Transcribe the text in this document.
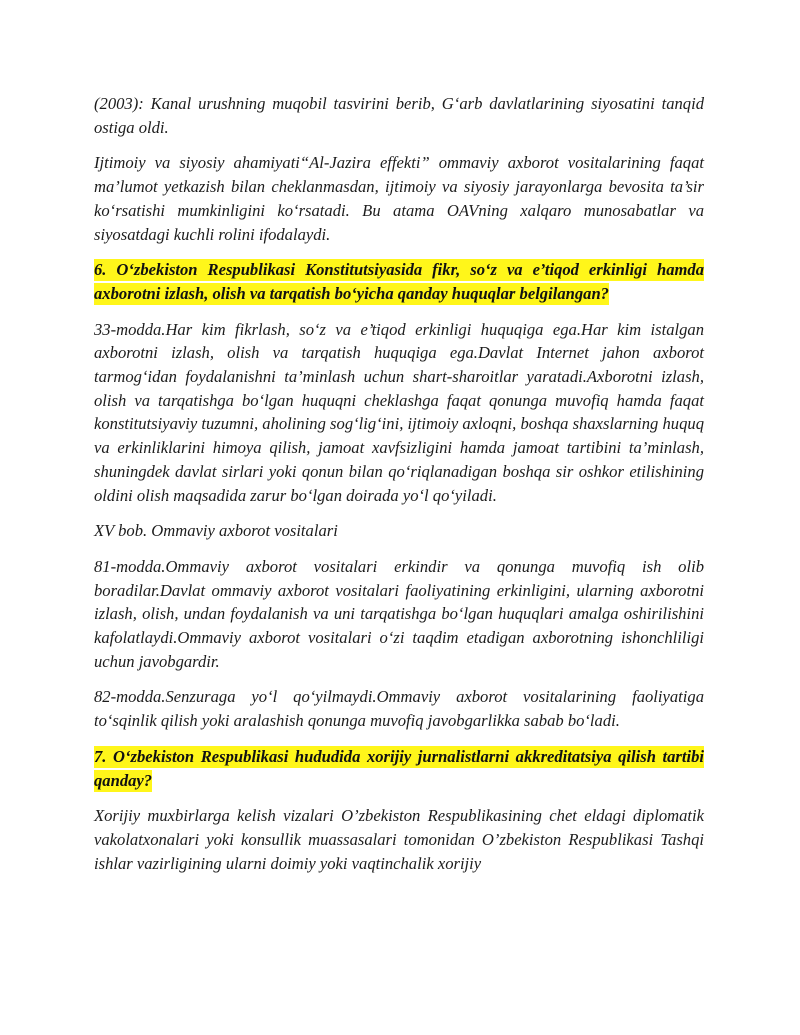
(2003): Kanal urushning muqobil tasvirini berib, G‘arb davlatlarining siyosatini tanqid ostiga oldi.

Ijtimoiy va siyosiy ahamiyati“Al-Jazira effekti” ommaviy axborot vositalarining faqat ma’lumot yetkazish bilan cheklanmasdan, ijtimoiy va siyosiy jarayonlarga bevosita ta’sir ko‘rsatishi mumkinligini ko‘rsatadi. Bu atama OAVning xalqaro munosabatlar va siyosatdagi kuchli rolini ifodalaydi.

6. O‘zbekiston Respublikasi Konstitutsiyasida fikr, so‘z va e’tiqod erkinligi hamda axborotni izlash, olish va tarqatish bo‘yicha qanday huquqlar belgilangan?

33-modda.Har kim fikrlash, so‘z va e’tiqod erkinligi huquqiga ega.Har kim istalgan axborotni izlash, olish va tarqatish huquqiga ega.Davlat Internet jahon axborot tarmog‘idan foydalanishni ta’minlash uchun shart-sharoitlar yaratadi.Axborotni izlash, olish va tarqatishga bo‘lgan huquqni cheklashga faqat qonunga muvofiq hamda faqat konstitutsiyaviy tuzumni, aholining sog‘lig‘ini, ijtimoiy axloqni, boshqa shaxslarning huquq va erkinliklarini himoya qilish, jamoat xavfsizligini hamda jamoat tartibini ta’minlash, shuningdek davlat sirlari yoki qonun bilan qo‘riqlanadigan boshqa sir oshkor etilishining oldini olish maqsadida zarur bo‘lgan doirada yo‘l qo‘yiladi.

XV bob. Ommaviy axborot vositalari

81-modda.Ommaviy axborot vositalari erkindir va qonunga muvofiq ish olib boradilar.Davlat ommaviy axborot vositalari faoliyatining erkinligini, ularning axborotni izlash, olish, undan foydalanish va uni tarqatishga bo‘lgan huquqlari amalga oshirilishini kafolatlaydi.Ommaviy axborot vositalari o‘zi taqdim etadigan axborotning ishonchliligi uchun javobgardir.

82-modda.Senzuraga yo‘l qo‘yilmaydi.Ommaviy axborot vositalarining faoliyatiga to‘sqinlik qilish yoki aralashish qonunga muvofiq javobgarlikka sabab bo‘ladi.

7. O‘zbekiston Respublikasi hududida xorijiy jurnalistlarni akkreditatsiya qilish tartibi qanday?

Xorijiy muxbirlarga kelish vizalari O’zbekiston Respublikasining chet eldagi diplomatik vakolatxonalari yoki konsullik muassasalari tomonidan O’zbekiston Respublikasi Tashqi ishlar vazirligining ularni doimiy yoki vaqtinchalik xorijiy
